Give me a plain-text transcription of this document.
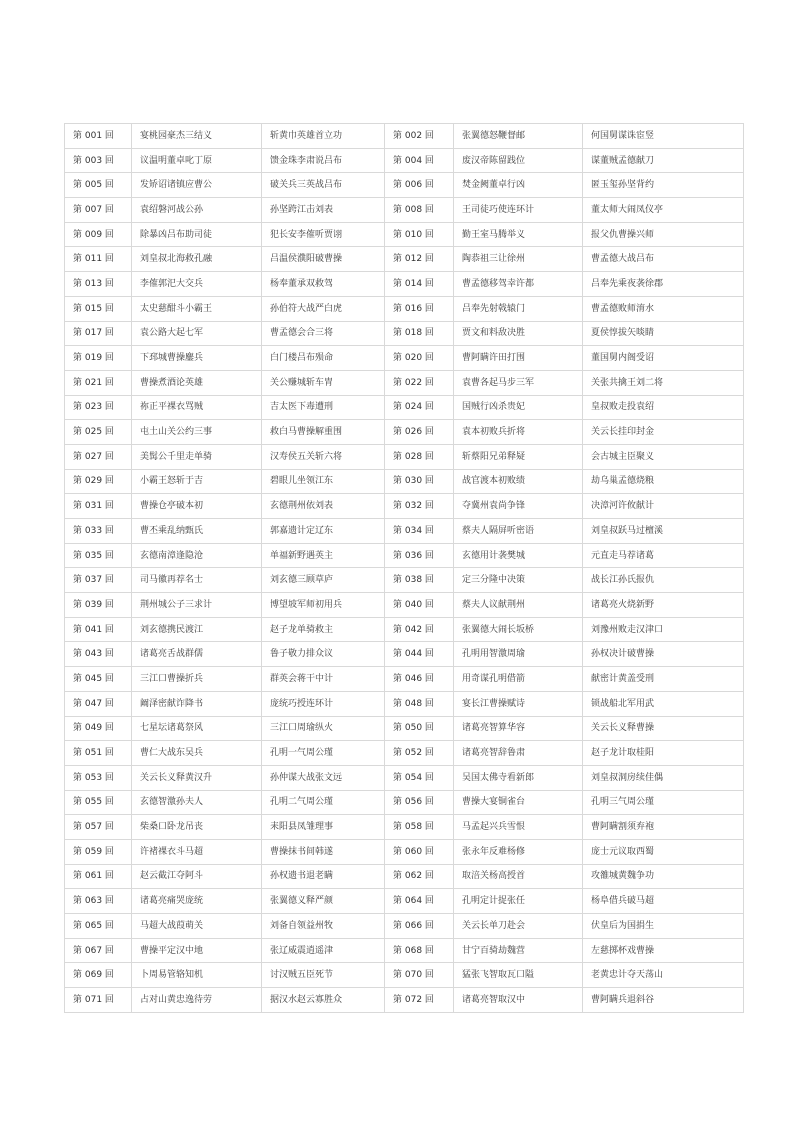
第 001 回	宴桃园豪杰三结义	斩黄巾英雄首立功	第 002 回	张翼德怒鞭督邮	何国舅谋诛宦竖
第 003 回	议温明董卓叱丁原	馈金珠李肃说吕布	第 004 回	废汉帝陈留践位	谋董贼孟德献刀
第 005 回	发矫诏诸镇应曹公	破关兵三英战吕布	第 006 回	焚金阙董卓行凶	匿玉玺孙坚背约
第 007 回	袁绍磐河战公孙	孙坚跨江击刘表	第 008 回	王司徒巧使连环计	董太师大闹凤仪亭
第 009 回	除暴凶吕布助司徒	犯长安李傕听贾诩	第 010 回	勤王室马腾举义	报父仇曹操兴师
第 011 回	刘皇叔北海救孔融	吕温侯濮阳破曹操	第 012 回	陶恭祖三让徐州	曹孟德大战吕布
第 013 回	李傕郭汜大交兵	杨奉董承双救驾	第 014 回	曹孟德移驾幸许都	吕奉先乘夜袭徐郡
第 015 回	太史慈酣斗小霸王	孙伯符大战严白虎	第 016 回	吕奉先射戟辕门	曹孟德败师淯水
第 017 回	袁公路大起七军	曹孟德会合三将	第 018 回	贾文和料敌决胜	夏侯惇拔矢啖睛
第 019 回	下邳城曹操鏖兵	白门楼吕布殒命	第 020 回	曹阿瞒许田打围	董国舅内阁受诏
第 021 回	曹操煮酒论英雄	关公赚城斩车胄	第 022 回	袁曹各起马步三军	关张共擒王刘二将
第 023 回	祢正平裸衣骂贼	吉太医下毒遭刑	第 024 回	国贼行凶杀贵妃	皇叔败走投袁绍
第 025 回	屯土山关公约三事	救白马曹操解重围	第 026 回	袁本初败兵折将	关云长挂印封金
第 027 回	美髯公千里走单骑	汉寿侯五关斩六将	第 028 回	斩蔡阳兄弟释疑	会古城主臣聚义
第 029 回	小霸王怒斩于吉	碧眼儿坐领江东	第 030 回	战官渡本初败绩	劫乌巢孟德烧粮
第 031 回	曹操仓亭破本初	玄德荆州依刘表	第 032 回	夺冀州袁尚争锋	决漳河许攸献计
第 033 回	曹丕乘乱纳甄氏	郭嘉遗计定辽东	第 034 回	蔡夫人隔屏听密语	刘皇叔跃马过檀溪
第 035 回	玄德南漳逢隐沧	单福新野遇英主	第 036 回	玄德用计袭樊城	元直走马荐诸葛
第 037 回	司马徽再荐名士	刘玄德三顾草庐	第 038 回	定三分隆中决策	战长江孙氏报仇
第 039 回	荆州城公子三求计	博望坡军师初用兵	第 040 回	蔡夫人议献荆州	诸葛亮火烧新野
第 041 回	刘玄德携民渡江	赵子龙单骑救主	第 042 回	张翼德大闹长坂桥	刘豫州败走汉津口
第 043 回	诸葛亮舌战群儒	鲁子敬力排众议	第 044 回	孔明用智激周瑜	孙权决计破曹操
第 045 回	三江口曹操折兵	群英会蒋干中计	第 046 回	用奇谋孔明借箭	献密计黄盖受刑
第 047 回	阚泽密献诈降书	庞统巧授连环计	第 048 回	宴长江曹操赋诗	锁战船北军用武
第 049 回	七星坛诸葛祭风	三江口周瑜纵火	第 050 回	诸葛亮智算华容	关云长义释曹操
第 051 回	曹仁大战东吴兵	孔明一气周公瑾	第 052 回	诸葛亮智辞鲁肃	赵子龙计取桂阳
第 053 回	关云长义释黄汉升	孙仲谋大战张文远	第 054 回	吴国太佛寺看新郎	刘皇叔洞房续佳偶
第 055 回	玄德智激孙夫人	孔明二气周公瑾	第 056 回	曹操大宴铜雀台	孔明三气周公瑾
第 057 回	柴桑口卧龙吊丧	耒阳县凤雏理事	第 058 回	马孟起兴兵雪恨	曹阿瞒割须弃袍
第 059 回	许褚裸衣斗马超	曹操抹书间韩遂	第 060 回	张永年反难杨修	庞士元议取西蜀
第 061 回	赵云截江夺阿斗	孙权遗书退老瞒	第 062 回	取涪关杨高授首	攻雒城黄魏争功
第 063 回	诸葛亮痛哭庞统	张翼德义释严颜	第 064 回	孔明定计捉张任	杨阜借兵破马超
第 065 回	马超大战葭萌关	刘备自领益州牧	第 066 回	关云长单刀赴会	伏皇后为国捐生
第 067 回	曹操平定汉中地	张辽威震逍遥津	第 068 回	甘宁百骑劫魏营	左慈掷杯戏曹操
第 069 回	卜周易管辂知机	讨汉贼五臣死节	第 070 回	猛张飞智取瓦口隘	老黄忠计夺天荡山
第 071 回	占对山黄忠逸待劳	据汉水赵云寡胜众	第 072 回	诸葛亮智取汉中	曹阿瞒兵退斜谷
